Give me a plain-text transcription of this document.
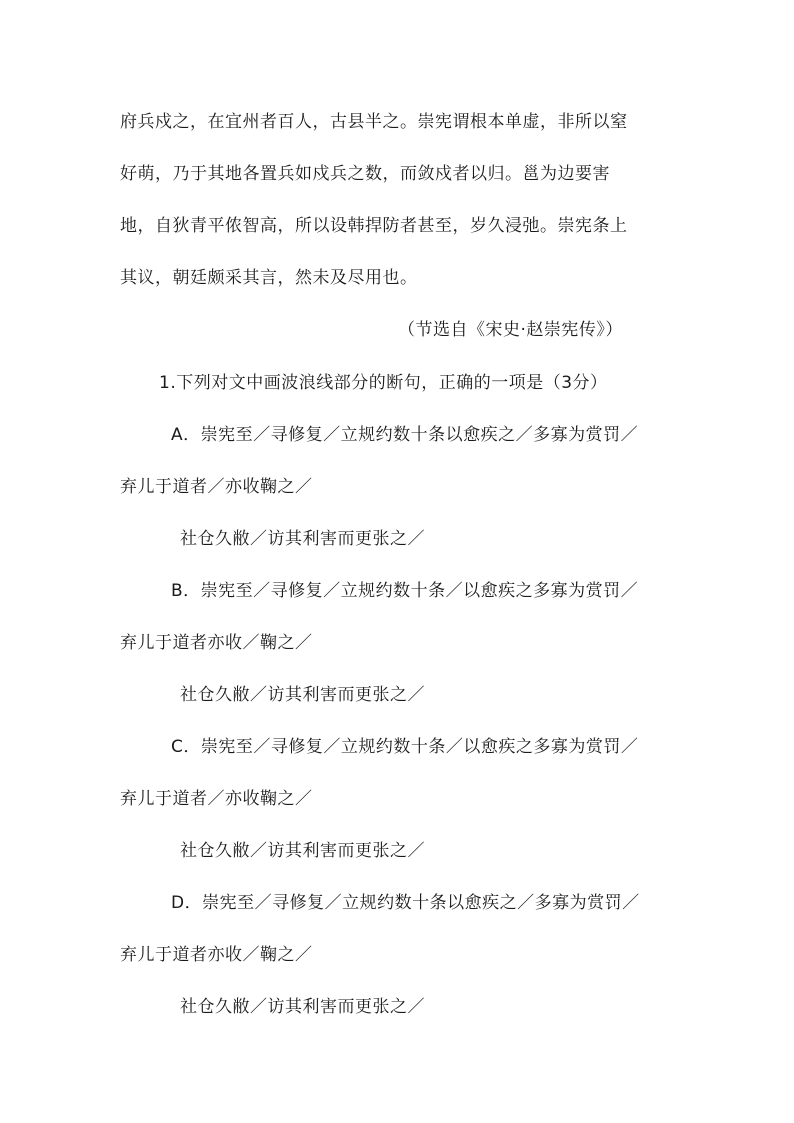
府兵戍之，在宜州者百人，古县半之。崇宪谓根本单虚，非所以窒
好萌，乃于其地各置兵如戍兵之数，而敛戍者以归。邕为边要害
地，自狄青平侬智高，所以设韩捍防者甚至，岁久浸弛。崇宪条上
其议，朝廷颇采其言，然未及尽用也。
（节选自《宋史·赵崇宪传》）
1.下列对文中画波浪线部分的断句，正确的一项是（3分）
A．崇宪至／寻修复／立规约数十条以愈疾之／多寡为赏罚／
弃儿于道者／亦收鞠之／
社仓久敝／访其利害而更张之／
B．崇宪至／寻修复／立规约数十条／以愈疾之多寡为赏罚／
弃儿于道者亦收／鞠之／
社仓久敝／访其利害而更张之／
C．崇宪至／寻修复／立规约数十条／以愈疾之多寡为赏罚／
弃儿于道者／亦收鞠之／
社仓久敝／访其利害而更张之／
D．崇宪至／寻修复／立规约数十条以愈疾之／多寡为赏罚／
弃儿于道者亦收／鞠之／
社仓久敝／访其利害而更张之／
